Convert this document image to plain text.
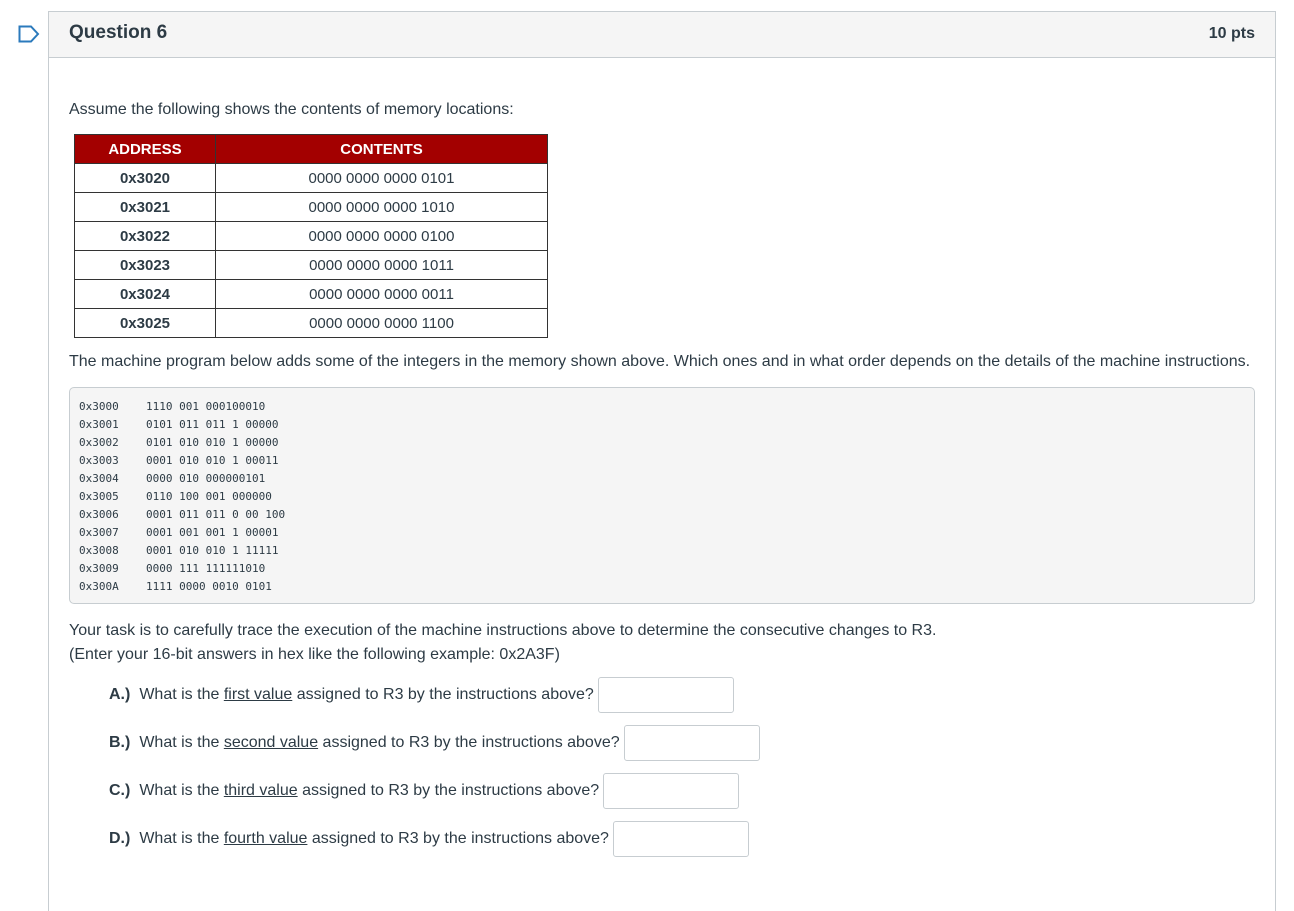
Question 6	10 pts
Assume the following shows the contents of memory locations:
ADDRESS	CONTENTS
0x3020	0000 0000 0000 0101
0x3021	0000 0000 0000 1010
0x3022	0000 0000 0000 0100
0x3023	0000 0000 0000 1011
0x3024	0000 0000 0000 0011
0x3025	0000 0000 0000 1100
The machine program below adds some of the integers in the memory shown above. Which ones and in what order depends on the details of the machine instructions.
0x3000 1110 001 000100010
0x3001 0101 011 011 1 00000
0x3002 0101 010 010 1 00000
0x3003 0001 010 010 1 00011
0x3004 0000 010 000000101
0x3005 0110 100 001 000000
0x3006 0001 011 011 0 00 100
0x3007 0001 001 001 1 00001
0x3008 0001 010 010 1 11111
0x3009 0000 111 111111010
0x300A 1111 0000 0010 0101
Your task is to carefully trace the execution of the machine instructions above to determine the consecutive changes to R3.
(Enter your 16-bit answers in hex like the following example: 0x2A3F)
A.) What is the first value assigned to R3 by the instructions above?
B.) What is the second value assigned to R3 by the instructions above?
C.) What is the third value assigned to R3 by the instructions above?
D.) What is the fourth value assigned to R3 by the instructions above?
